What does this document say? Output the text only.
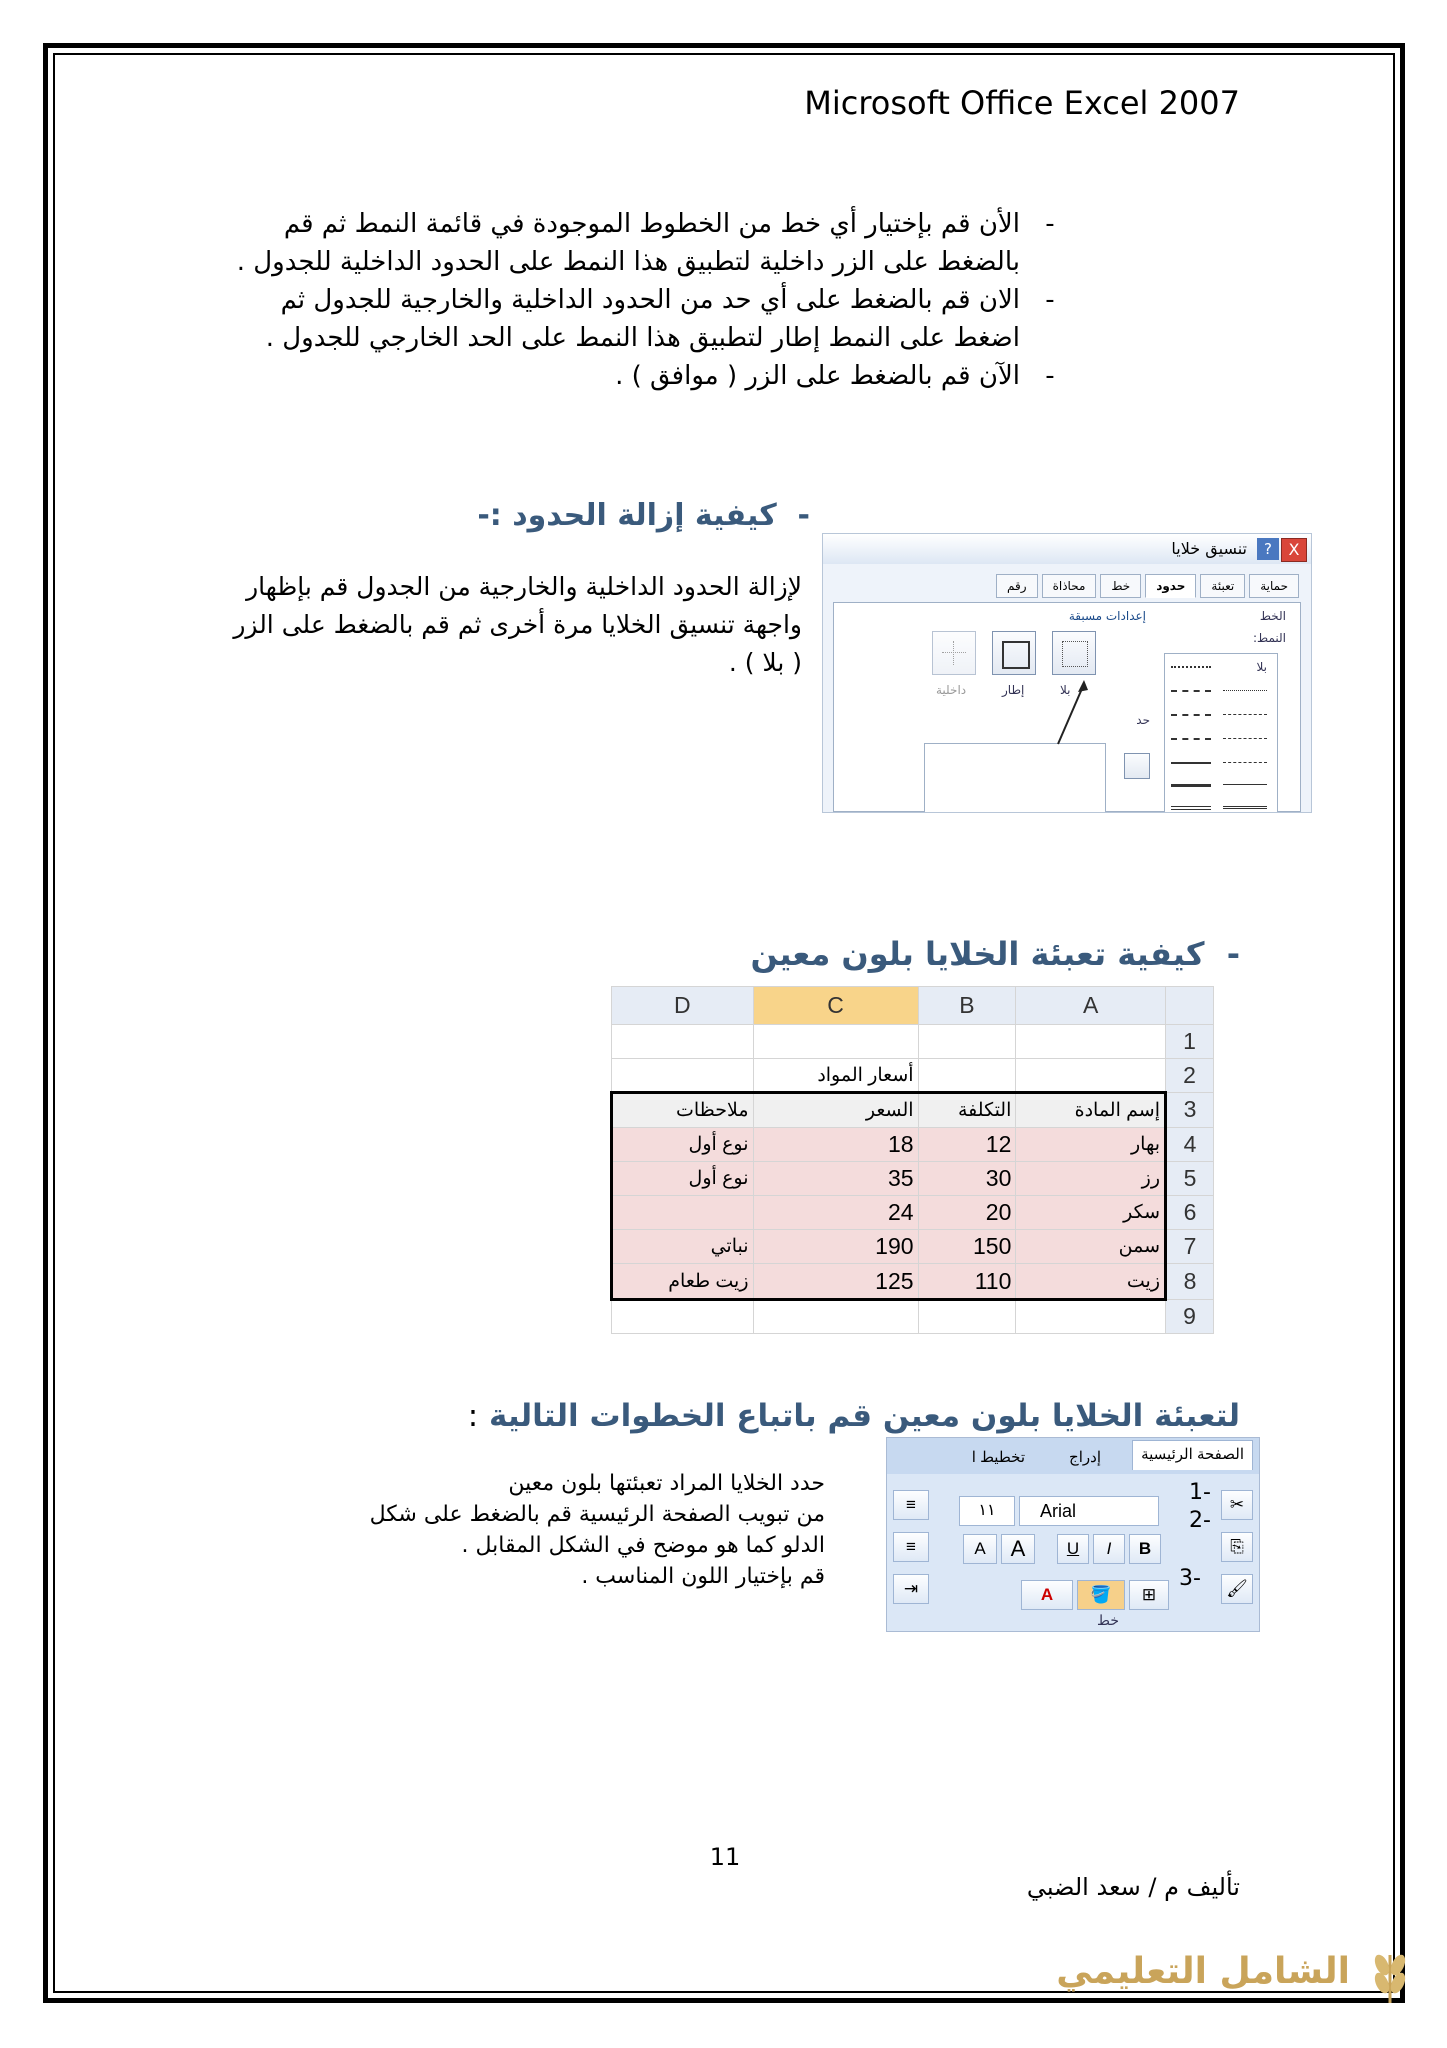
Microsoft Office Excel 2007
-
الأن قم بإختيار أي خط من الخطوط الموجودة في قائمة النمط ثم قم بالضغط على الزر داخلية لتطبيق هذا النمط على الحدود الداخلية للجدول .
-
الان قم بالضغط على أي حد من الحدود الداخلية والخارجية للجدول ثم اضغط على النمط إطار لتطبيق هذا النمط على الحد الخارجي للجدول .
-
الآن قم بالضغط على الزر ( موافق ) .
-  كيفية إزالة الحدود :-
لإزالة الحدود الداخلية والخارجية من الجدول قم بإظهار واجهة تنسيق الخلايا مرة أخرى ثم قم بالضغط على الزر ( بلا ) .
تنسيق خلايا	?	X
حماية
تعبئة
حدود
خط
محاذاة
رقم
الخط
النمط:
بلا
إعدادات مسبقة
بلا
إطار
داخلية
حد
-  كيفية تعبئة الخلايا بلون معين
D	C	B	A	
				1
	أسعار المواد			2
ملاحظات	السعر	التكلفة	إسم المادة	3
نوع أول	18	12	بهار	4
نوع أول	35	30	رز	5
	24	20	سكر	6
نباتي	190	150	سمن	7
زيت طعام	125	110	زيت	8
				9
لتعبئة الخلايا بلون معين قم باتباع الخطوات التالية :
حدد الخلايا المراد تعبئتها بلون معين
من تبويب الصفحة الرئيسية قم بالضغط على شكل
الدلو كما هو موضح في الشكل المقابل .
قم بإختيار اللون المناسب .
الصفحة الرئيسية
إدراج
تخطيط ا
≡
≡
⇥
١١	Arial
A	A	U	I	B
A	🪣	⊞
✂
⎘
🖌
خط
1-
2-
3-
11
تأليف م / سعد الضبي
الشامل التعليمي
